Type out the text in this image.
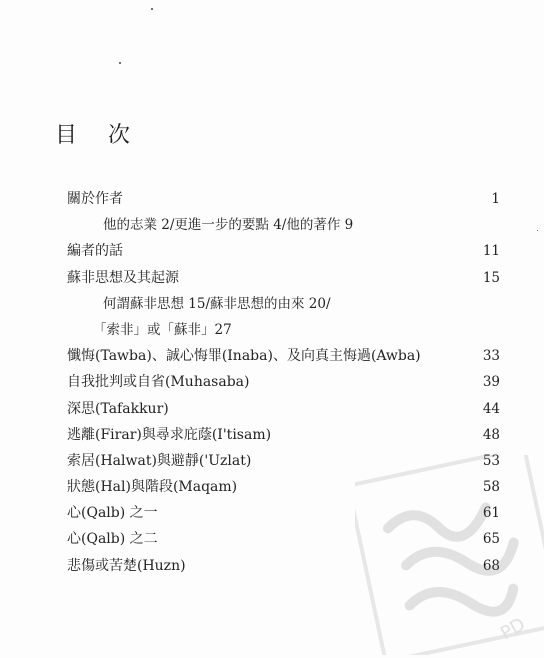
目 次
關於作者	1
他的志業 2/更進一步的要點 4/他的著作 9
編者的話	11
蘇非思想及其起源	15
何謂蘇非思想 15/蘇非思想的由來 20/
「索非」或「蘇非」27
懺悔(Tawba)、誠心悔罪(Inaba)、及向真主悔過(Awba)	33
自我批判或自省(Muhasaba)	39
深思(Tafakkur)	44
逃離(Firar)與尋求庇蔭(I'tisam)	48
索居(Halwat)與避靜('Uzlat)	53
狀態(Hal)與階段(Maqam)	58
心(Qalb) 之一	61
心(Qalb) 之二	65
悲傷或苦楚(Huzn)	68
PD
